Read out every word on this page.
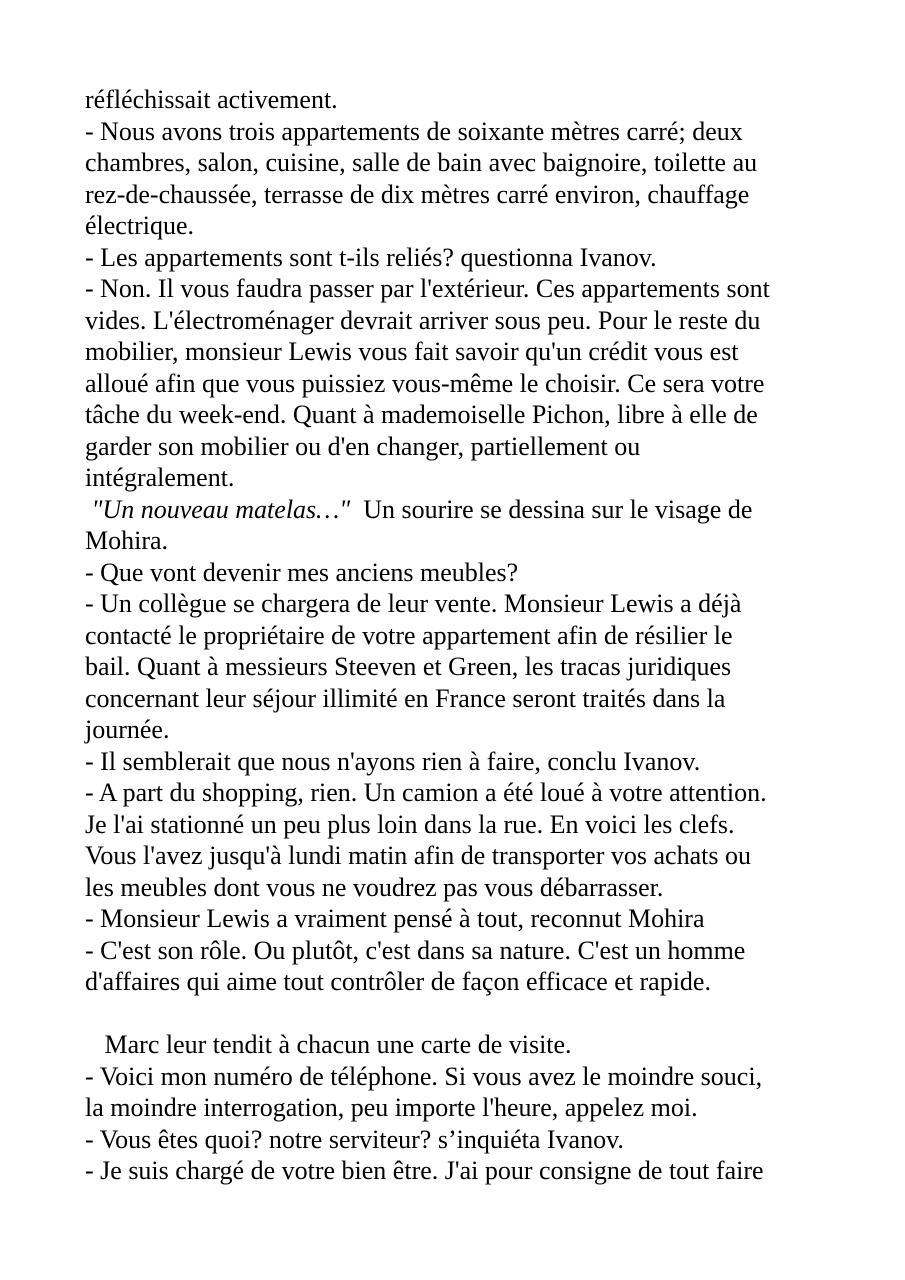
réfléchissait activement.
- Nous avons trois appartements de soixante mètres carré; deux
chambres, salon, cuisine, salle de bain avec baignoire, toilette au
rez-de-chaussée, terrasse de dix mètres carré environ, chauffage
électrique.
- Les appartements sont t-ils reliés? questionna Ivanov.
- Non. Il vous faudra passer par l'extérieur. Ces appartements sont
vides. L'électroménager devrait arriver sous peu. Pour le reste du
mobilier, monsieur Lewis vous fait savoir qu'un crédit vous est
alloué afin que vous puissiez vous-même le choisir. Ce sera votre
tâche du week-end. Quant à mademoiselle Pichon, libre à elle de
garder son mobilier ou d'en changer, partiellement ou
intégralement.
"Un nouveau matelas…"  Un sourire se dessina sur le visage de
Mohira.
- Que vont devenir mes anciens meubles?
- Un collègue se chargera de leur vente. Monsieur Lewis a déjà
contacté le propriétaire de votre appartement afin de résilier le
bail. Quant à messieurs Steeven et Green, les tracas juridiques
concernant leur séjour illimité en France seront traités dans la
journée.
- Il semblerait que nous n'ayons rien à faire, conclu Ivanov.
- A part du shopping, rien. Un camion a été loué à votre attention.
Je l'ai stationné un peu plus loin dans la rue. En voici les clefs.
Vous l'avez jusqu'à lundi matin afin de transporter vos achats ou
les meubles dont vous ne voudrez pas vous débarrasser.
- Monsieur Lewis a vraiment pensé à tout, reconnut Mohira
- C'est son rôle. Ou plutôt, c'est dans sa nature. C'est un homme
d'affaires qui aime tout contrôler de façon efficace et rapide.
Marc leur tendit à chacun une carte de visite.
- Voici mon numéro de téléphone. Si vous avez le moindre souci,
la moindre interrogation, peu importe l'heure, appelez moi.
- Vous êtes quoi? notre serviteur? s’inquiéta Ivanov.
- Je suis chargé de votre bien être. J'ai pour consigne de tout faire
